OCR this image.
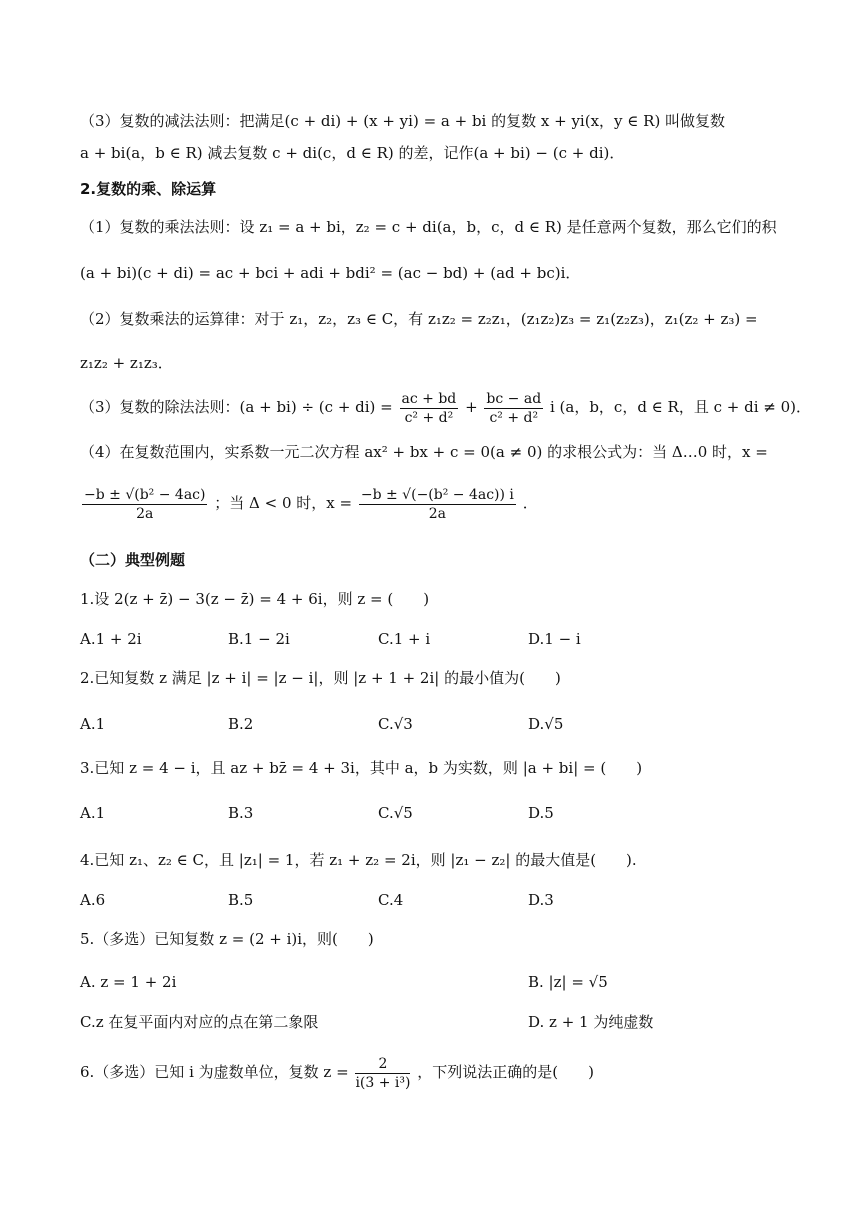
（3）复数的减法法则：把满足(c + di) + (x + yi) = a + bi 的复数 x + yi(x，y ∈ R) 叫做复数
a + bi(a，b ∈ R) 减去复数 c + di(c，d ∈ R) 的差，记作(a + bi) − (c + di)．
2.复数的乘、除运算
（1）复数的乘法法则：设 z₁ = a + bi，z₂ = c + di(a，b，c，d ∈ R) 是任意两个复数，那么它们的积
(a + bi)(c + di) = ac + bci + adi + bdi² = (ac − bd) + (ad + bc)i．
（2）复数乘法的运算律：对于 z₁，z₂，z₃ ∈ C，有 z₁z₂ = z₂z₁，(z₁z₂)z₃ = z₁(z₂z₃)，z₁(z₂ + z₃) =
z₁z₂ + z₁z₃．
（3）复数的除法法则：$(a + bi) \div (c + di) = \frac{ac + bd}{\text{c² + d²}} + \frac{bc - ad}{\text{c² + d²}}$ i (a，b，c，d ∈ R，且 c + di ≠ 0)．
（4）在复数范围内，实系数一元二次方程 ax² + bx + c = 0(a ≠ 0) 的求根公式为：当 Δ…0 时，x =
$\frac{\text{−b ± √(b² − 4ac)}}{2a}$ ；当 Δ < 0 时，$x = \frac{\text{−b ± √(−(b² − 4ac)) i}}{2a}$ ．
（二）典型例题
1.设 2(z + z̄) − 3(z − z̄) = 4 + 6i，则 z = (　　)
A.1 + 2i	B.1 − 2i	C.1 + i	D.1 − i
2.已知复数 z 满足 |z + i| = |z − i|，则 |z + 1 + 2i| 的最小值为(　　)
A.1	B.2	C.√3	D.√5
3.已知 z = 4 − i，且 az + bz̄ = 4 + 3i，其中 a，b 为实数，则 |a + bi| = (　　)
A.1	B.3	C.√5	D.5
4.已知 z₁、z₂ ∈ C，且 |z₁| = 1，若 z₁ + z₂ = 2i，则 |z₁ − z₂| 的最大值是(　　).
A.6	B.5	C.4	D.3
5.（多选）已知复数 z = (2 + i)i，则(　　)
A. z = 1 + 2i	B. |z| = √5
C.z 在复平面内对应的点在第二象限	D. z + 1 为纯虚数
6.（多选）已知 i 为虚数单位，复数 $z = \frac{2}{\text{i(3 + i³)}}$ ，下列说法正确的是(　　)
